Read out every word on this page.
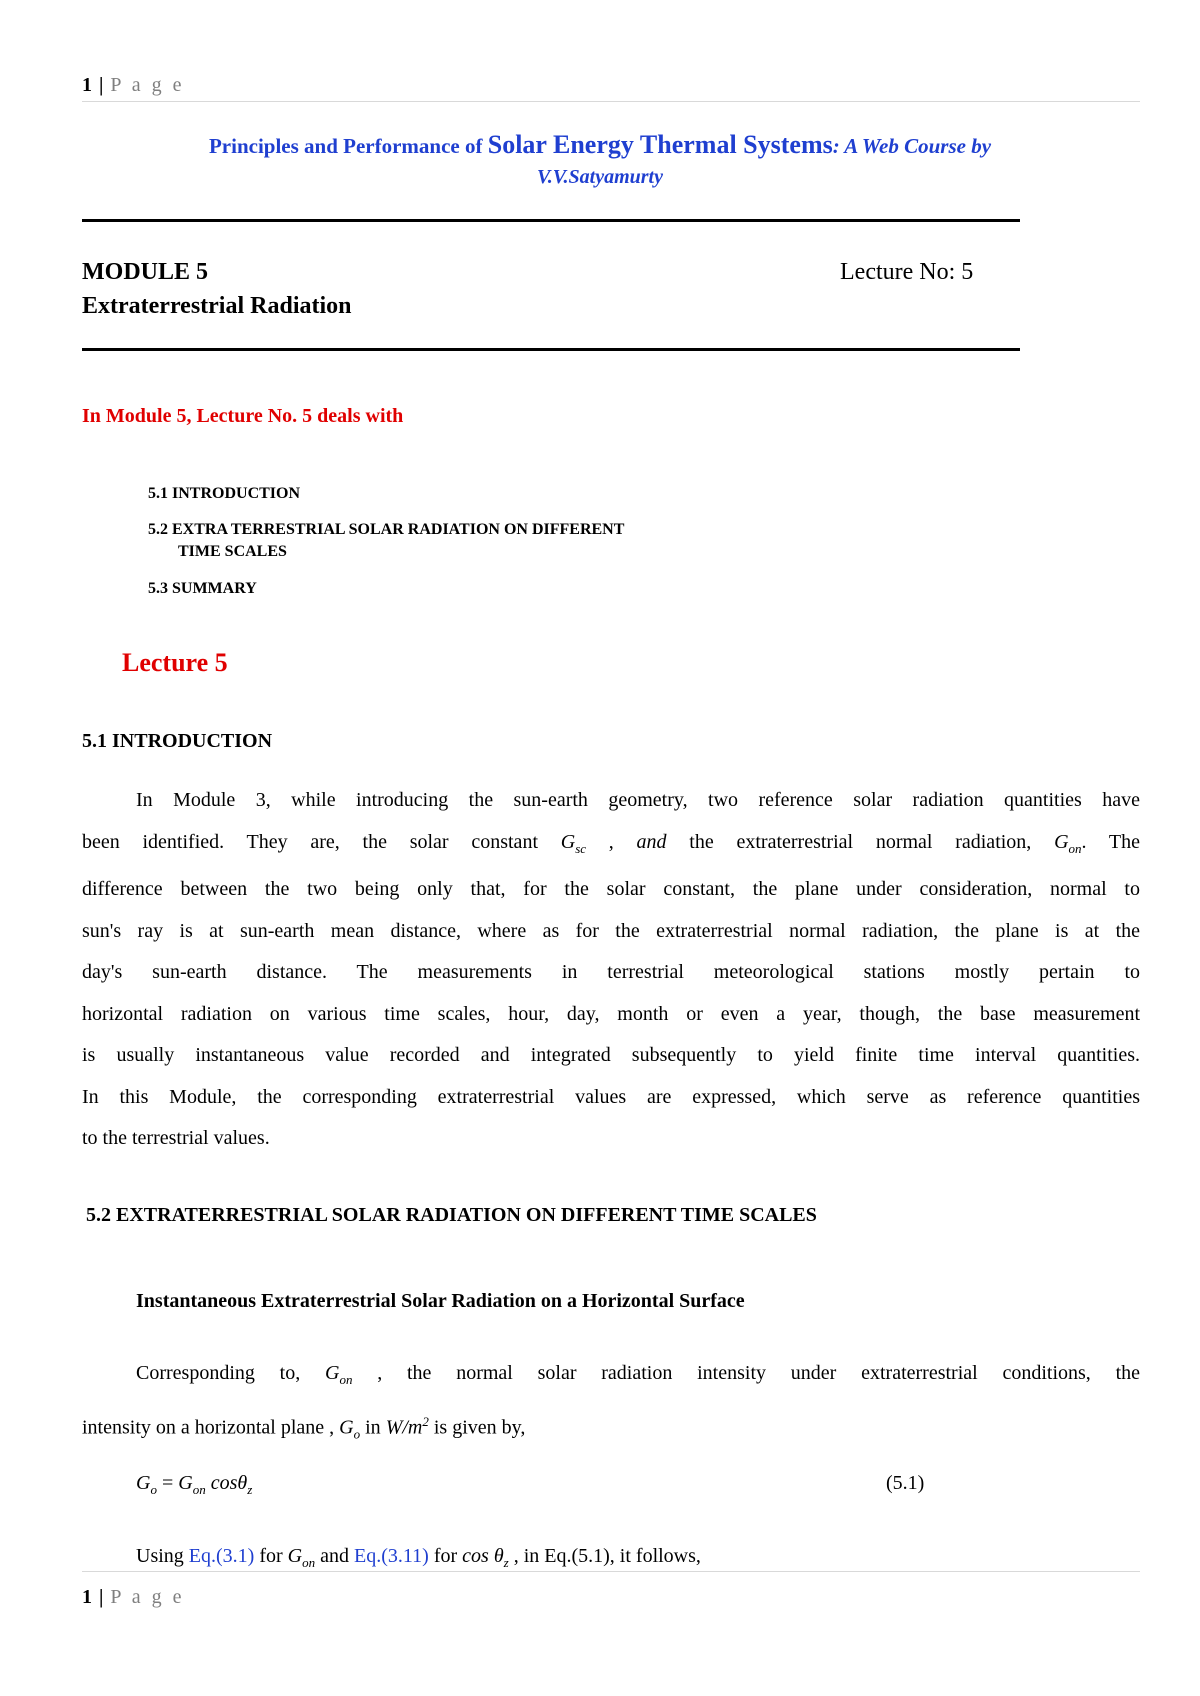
1 | P a g e
Principles and Performance of Solar Energy Thermal Systems: A Web Course by
V.V.Satyamurty
MODULE 5	Lecture No: 5
Extraterrestrial Radiation
In Module 5, Lecture No. 5 deals with
5.1 INTRODUCTION
5.2 EXTRA TERRESTRIAL SOLAR RADIATION ON DIFFERENT
TIME SCALES
5.3 SUMMARY
Lecture 5
5.1 INTRODUCTION
In Module 3, while introducing the sun-earth geometry, two reference solar radiation quantities have
been identified. They are, the solar constant $G_{sc}$ , and the extraterrestrial normal radiation, $G_{on}$. The
difference between the two being only that, for the solar constant, the plane under consideration, normal to
sun's ray is at sun-earth mean distance, where as for the extraterrestrial normal radiation, the plane is at the
day's sun-earth distance. The measurements in terrestrial meteorological stations mostly pertain to
horizontal radiation on various time scales, hour, day, month or even a year, though, the base measurement
is usually instantaneous value recorded and integrated subsequently to yield finite time interval quantities.
In this Module, the corresponding extraterrestrial values are expressed, which serve as reference quantities
to the terrestrial values.
5.2 EXTRATERRESTRIAL SOLAR RADIATION ON DIFFERENT TIME SCALES
Instantaneous Extraterrestrial Solar Radiation on a Horizontal Surface
Corresponding to, $G_{on}$ , the normal solar radiation intensity under extraterrestrial conditions, the
intensity on a horizontal plane , $G_o$ in $W/m^2$ is given by,
$G_o = G_{on}$ cosθ$_z$	(5.1)
Using Eq.(3.1) for $G_{on}$ and Eq.(3.11) for $\cos \theta_z$ , in Eq.(5.1), it follows,
1 | P a g e
